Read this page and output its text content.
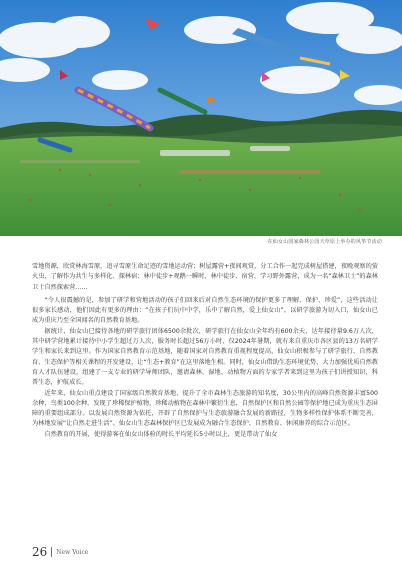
在仙女山国家森林公园天草原上举办的风筝节活动

雪地资源，欣赏林海雪原，追寻雪原生命足迹的雪地运动营；树屋露营+夜间观赏，分工合作一起完成树屋搭建，夜晚观察的萤火虫，了解作为共生与多样化、探林宿；林中徒步+观鹅一瞬时，林中徒步、宿营、学习野外露营，成为一名“森林卫士”的森林卫士自然探索营……

“令人很震撼的是，参加了研学和营地活动的孩子们回来后对自然生态环境的保护更多了理解、保护、珍爱”，这些活动让很多家长感动，他们因此有更多的理由：“在孩子们玩中中学，乐中了解自然，爱上仙女山”。以研学旅游为切入口，仙女山已成为重庆乃至全国闻名的自然教育基地。

据统计，仙女山已接待各地的研学旅行团体6500余批次，研学旅行在仙女山全年约有600余天，达年接待量9.6万人次，其中研学营地累计接待中小学生超过万人次，服务时长超过56万小时，仅2024年暑期，就有来自重庆市各区县的13万名研学学生和家长来到这里。作为国家自然教育示范基地，随着国家对自然教育重视程度提高，仙女山积极参与了研学旅行、自然教育、生态保护等相关课程的开发建设，让“生态+教育”在这里落地生根。同时，仙女山借助生态环境优势，大力加强优质自然教育人才队伍建设，组建了一支专业的研学导师团队，邀请森林、湿地、动植物方面的专家学者来到这里为孩子们讲授知识，科普生态，护航成长。

近年来，仙女山重点建设了国家级自然教育基地，提升了全市森林生态旅游的知名度，30公里内的高峰自然资源丰富500余种，鸟类100余种。发现了珍稀保护植物，珍稀动植物在森林中繁衍生息，自然保护区和自然公园等保护地已成为重庆生态屏障的重要组成部分。以发展自然资源为依托，开辟了自然保护与生态旅游融合发展的新路径，生物多样性保护体系不断完善，为林地发展“让自然走进生活”。仙女山生态森林保护区已发展成为融合生态保护、自然教育、休闲康养的综合示范区。

自然教育的开展，使得游客在仙女山体验的时长平均延长5小时以上，更是带动了仙女

26 New Voice
